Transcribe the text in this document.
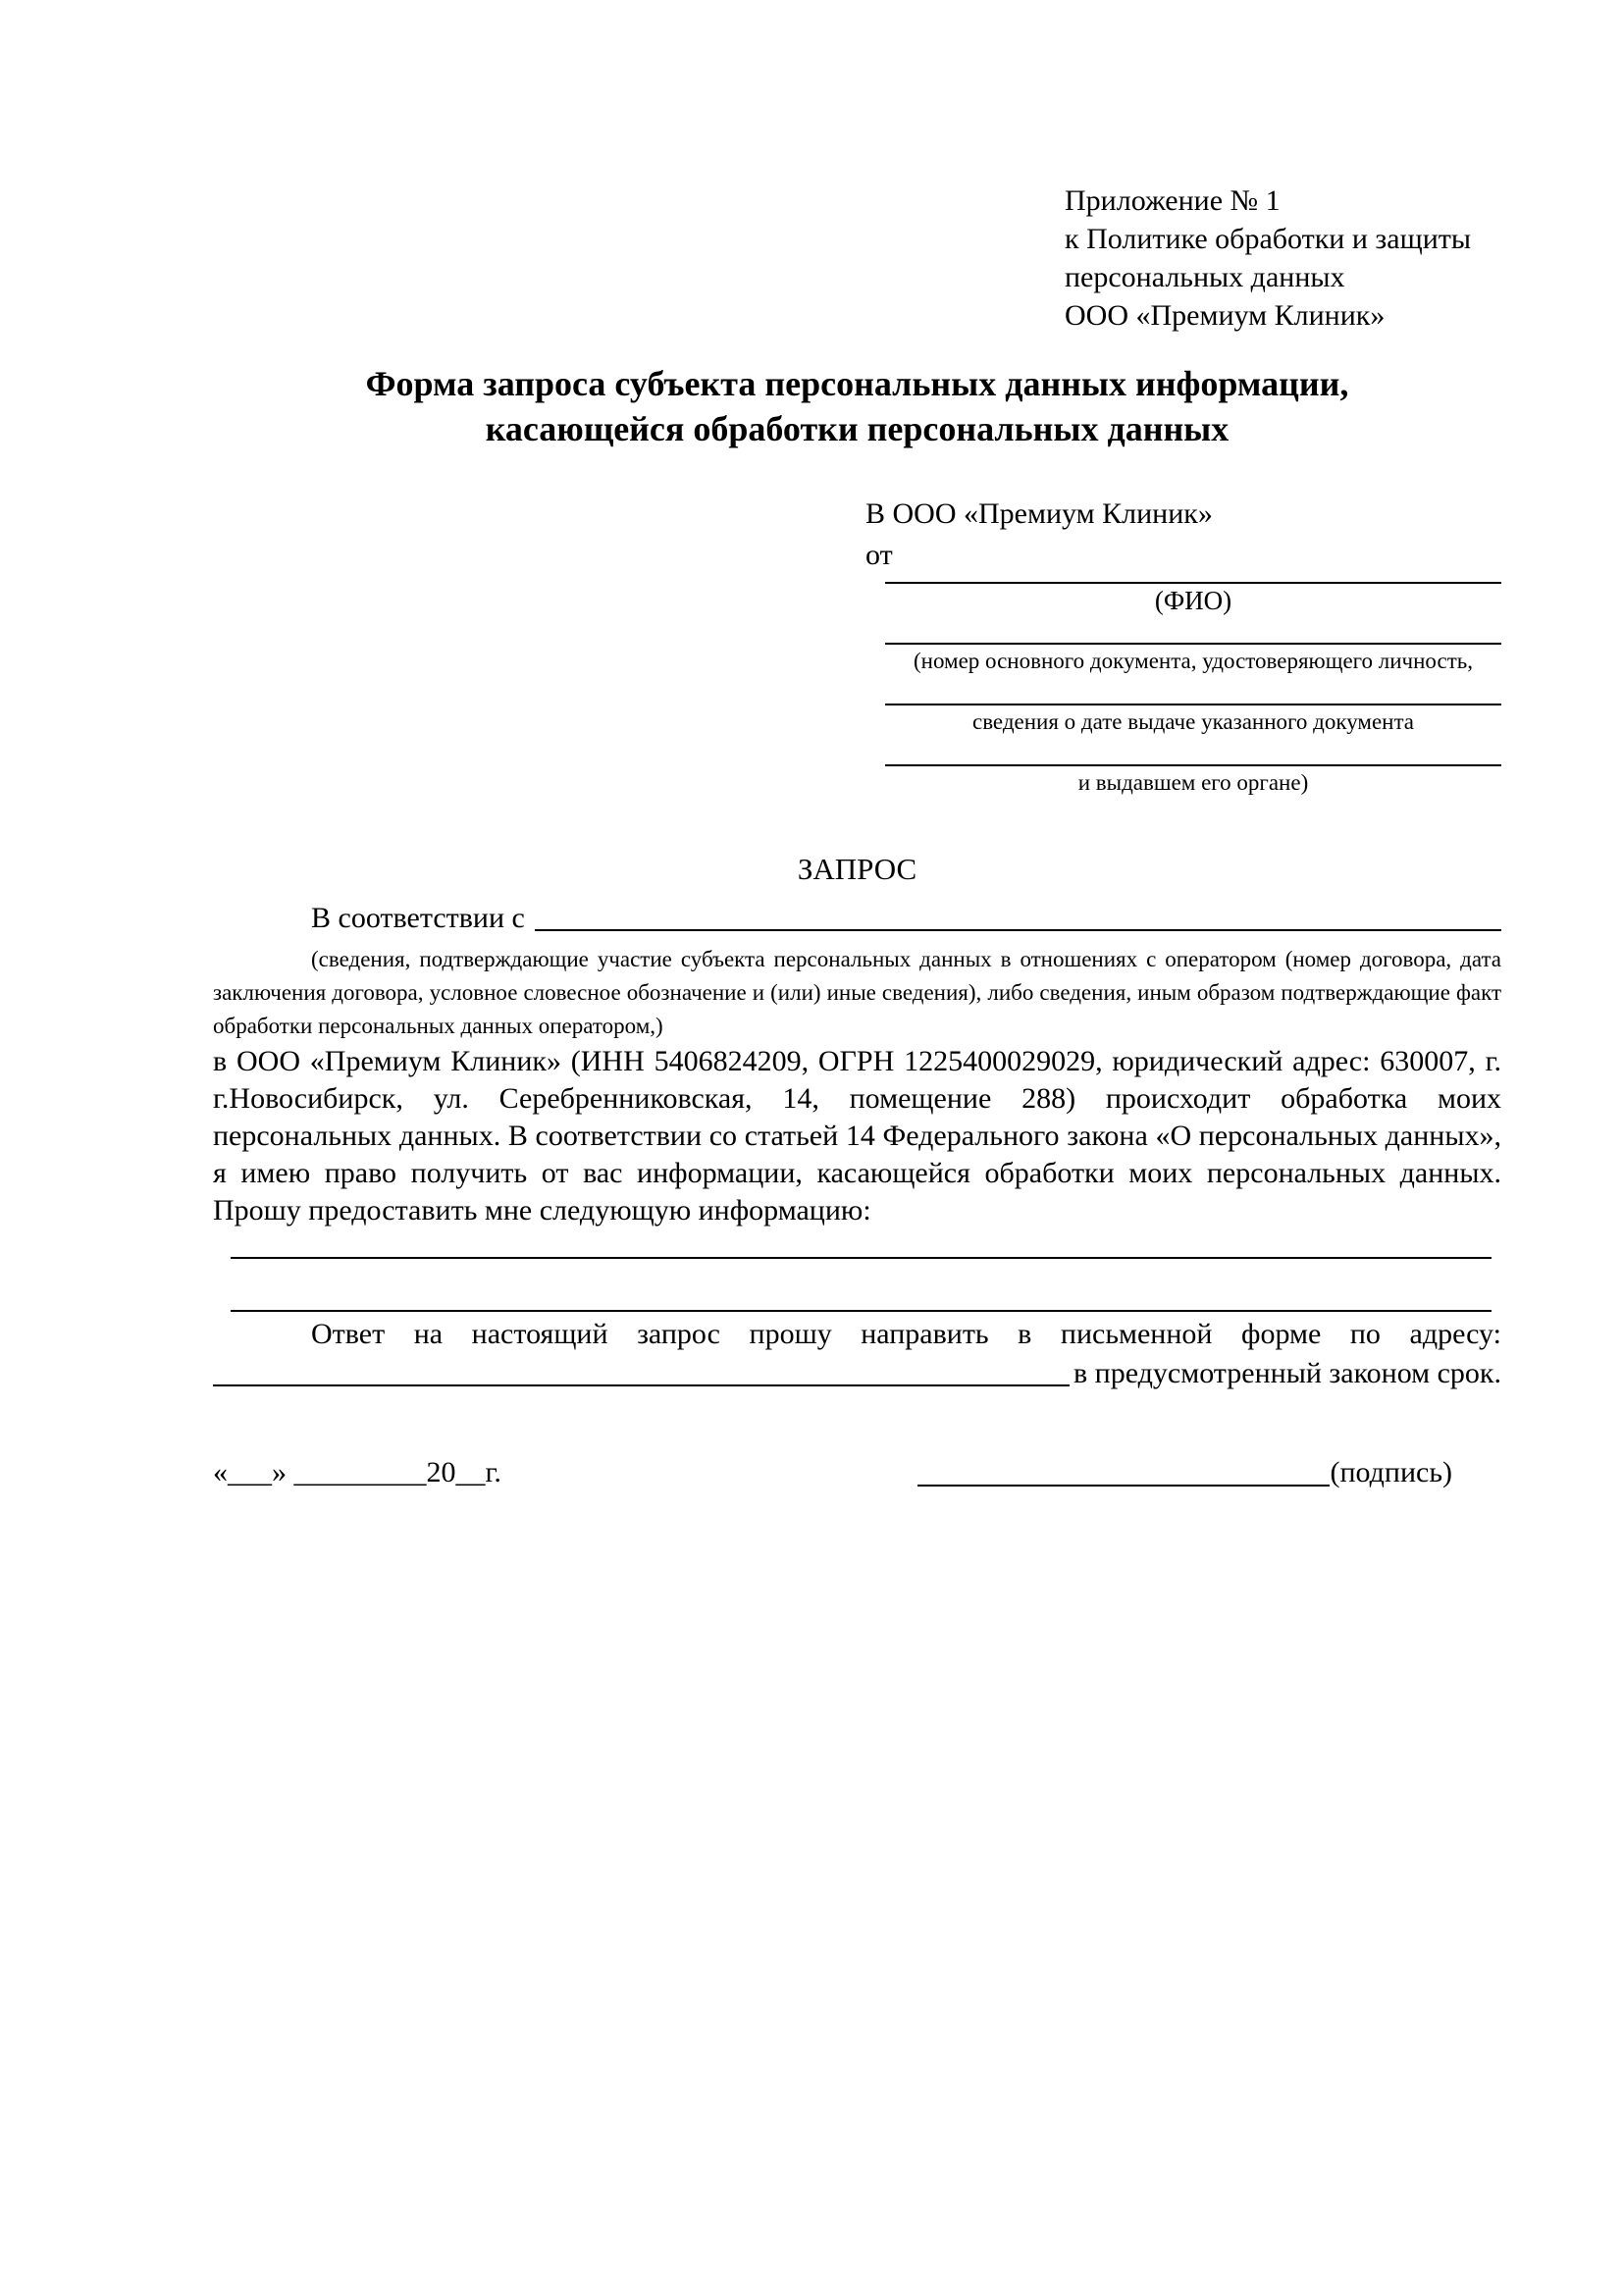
Приложение № 1
к Политике обработки и защиты
персональных данных
ООО «Премиум Клиник»
Форма запроса субъекта персональных данных информации,
касающейся обработки персональных данных
В ООО «Премиум Клиник»
от
(ФИО)
(номер основного документа, удостоверяющего личность,
сведения о дате выдаче указанного документа
и выдавшем его органе)
ЗАПРОС
В соответствии с

(сведения, подтверждающие участие субъекта персональных данных в отношениях с оператором (номер договора, дата заключения договора, условное словесное обозначение и (или) иные сведения), либо сведения, иным образом подтверждающие факт обработки персональных данных оператором,)

в ООО «Премиум Клиник» (ИНН 5406824209, ОГРН 1225400029029, юридический адрес: 630007, г. г.Новосибирск, ул. Серебренниковская, 14, помещение 288) происходит обработка моих персональных данных. В соответствии со статьей 14 Федерального закона «О персональных данных», я имею право получить от вас информации, касающейся обработки моих персональных данных. Прошу предоставить мне следующую информацию:

Ответ на настоящий запрос прошу направить в письменной форме по адресу:

в предусмотренный законом срок.
«___» _________20__г.	(подпись)
